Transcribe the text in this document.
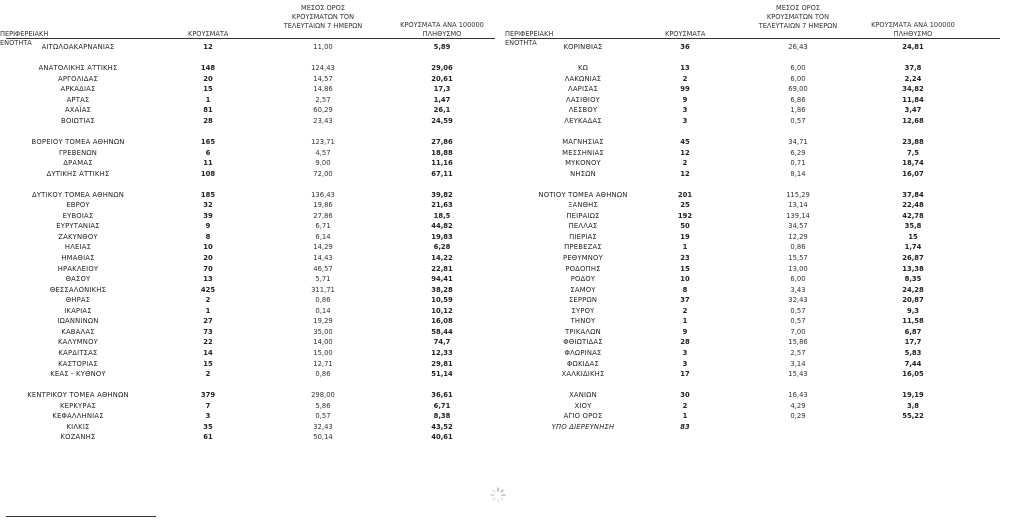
ΠΕΡΙΦΕΡΕΙΑΚΗ ΕΝΟΤΗΤΑ
ΚΡΟΥΣΜΑΤΑ
ΜΕΣΟΣ ΟΡΟΣ ΚΡΟΥΣΜΑΤΩΝ ΤΟΝ ΤΕΛΕΥΤΑΙΩΝ 7 ΗΜΕΡΩΝ	ΚΡΟΥΣΜΑΤΑ ΑΝΑ 100000 ΠΛΗΘΥΣΜΟ
ΑΙΤΩΛΟΑΚΑΡΝΑΝΙΑΣ	12	11,00	5,89
ΑΝΑΤΟΛΙΚΗΣ ΑΤΤΙΚΗΣ	148	124,43	29,06
ΑΡΓΟΛΙΔΑΣ	20	14,57	20,61
ΑΡΚΑΔΙΑΣ	15	14,86	17,3
ΑΡΤΑΣ	1	2,57	1,47
ΑΧΑΪΑΣ	81	60,29	26,1
ΒΟΙΩΤΙΑΣ	28	23,43	24,59
ΒΟΡΕΙΟΥ ΤΟΜΕΑ ΑΘΗΝΩΝ	165	123,71	27,86
ΓΡΕΒΕΝΩΝ	6	4,57	18,88
ΔΡΑΜΑΣ	11	9,00	11,16
ΔΥΤΙΚΗΣ ΑΤΤΙΚΗΣ	108	72,00	67,11
ΔΥΤΙΚΟΥ ΤΟΜΕΑ ΑΘΗΝΩΝ	185	136,43	39,82
ΕΒΡΟΥ	32	19,86	21,63
ΕΥΒΟΙΑΣ	39	27,86	18,5
ΕΥΡΥΤΑΝΙΑΣ	9	6,71	44,82
ΖΑΚΥΝΘΟΥ	8	6,14	19,83
ΗΛΕΙΑΣ	10	14,29	6,28
ΗΜΑΘΙΑΣ	20	14,43	14,22
ΗΡΑΚΛΕΙΟΥ	70	46,57	22,81
ΘΑΣΟΥ	13	5,71	94,41
ΘΕΣΣΑΛΟΝΙΚΗΣ	425	311,71	38,28
ΘΗΡΑΣ	2	0,86	10,59
ΙΚΑΡΙΑΣ	1	0,14	10,12
ΙΩΑΝΝΙΝΩΝ	27	19,29	16,08
ΚΑΒΑΛΑΣ	73	35,00	58,44
ΚΑΛΥΜΝΟΥ	22	14,00	74,7
ΚΑΡΔΙΤΣΑΣ	14	15,00	12,33
ΚΑΣΤΟΡΙΑΣ	15	12,71	29,81
ΚΕΑΣ - ΚΥΘΝΟΥ	2	0,86	51,14
ΚΕΝΤΡΙΚΟΥ ΤΟΜΕΑ ΑΘΗΝΩΝ	379	298,00	36,61
ΚΕΡΚΥΡΑΣ	7	5,86	6,71
ΚΕΦΑΛΛΗΝΙΑΣ	3	0,57	8,38
ΚΙΛΚΙΣ	35	32,43	43,52
ΚΟΖΑΝΗΣ	61	50,14	40,61
ΠΕΡΙΦΕΡΕΙΑΚΗ ΕΝΟΤΗΤΑ
ΚΡΟΥΣΜΑΤΑ
ΜΕΣΟΣ ΟΡΟΣ ΚΡΟΥΣΜΑΤΩΝ ΤΟΝ ΤΕΛΕΥΤΑΙΩΝ 7 ΗΜΕΡΩΝ	ΚΡΟΥΣΜΑΤΑ ΑΝΑ 100000 ΠΛΗΘΥΣΜΟ
ΚΟΡΙΝΘΙΑΣ	36	26,43	24,81
ΚΩ	13	6,00	37,8
ΛΑΚΩΝΙΑΣ	2	6,00	2,24
ΛΑΡΙΣΑΣ	99	69,00	34,82
ΛΑΣΙΘΙΟΥ	9	6,86	11,84
ΛΕΣΒΟΥ	3	1,86	3,47
ΛΕΥΚΑΔΑΣ	3	0,57	12,68
ΜΑΓΝΗΣΙΑΣ	45	34,71	23,88
ΜΕΣΣΗΝΙΑΣ	12	6,29	7,5
ΜΥΚΟΝΟΥ	2	0,71	18,74
ΝΗΣΩΝ	12	8,14	16,07
ΝΟΤΙΟΥ ΤΟΜΕΑ ΑΘΗΝΩΝ	201	115,29	37,84
ΞΑΝΘΗΣ	25	13,14	22,48
ΠΕΙΡΑΙΩΣ	192	139,14	42,78
ΠΕΛΛΑΣ	50	34,57	35,8
ΠΙΕΡΙΑΣ	19	12,29	15
ΠΡΕΒΕΖΑΣ	1	0,86	1,74
ΡΕΘΥΜΝΟΥ	23	15,57	26,87
ΡΟΔΟΠΗΣ	15	13,00	13,38
ΡΟΔΟΥ	10	6,00	8,35
ΣΑΜΟΥ	8	3,43	24,28
ΣΕΡΡΩΝ	37	32,43	20,87
ΣΥΡΟΥ	2	0,57	9,3
ΤΗΝΟΥ	1	0,57	11,58
ΤΡΙΚΑΛΩΝ	9	7,00	6,87
ΦΘΙΩΤΙΔΑΣ	28	15,86	17,7
ΦΛΩΡΙΝΑΣ	3	2,57	5,83
ΦΩΚΙΔΑΣ	3	3,14	7,44
ΧΑΛΚΙΔΙΚΗΣ	17	15,43	16,05
ΧΑΝΙΩΝ	30	16,43	19,19
ΧΙΟΥ	2	4,29	3,8
ΑΓΙΟ ΟΡΟΣ	1	0,29	55,22
ΥΠΟ ΔΙΕΡΕΥΝΗΣΗ	83
